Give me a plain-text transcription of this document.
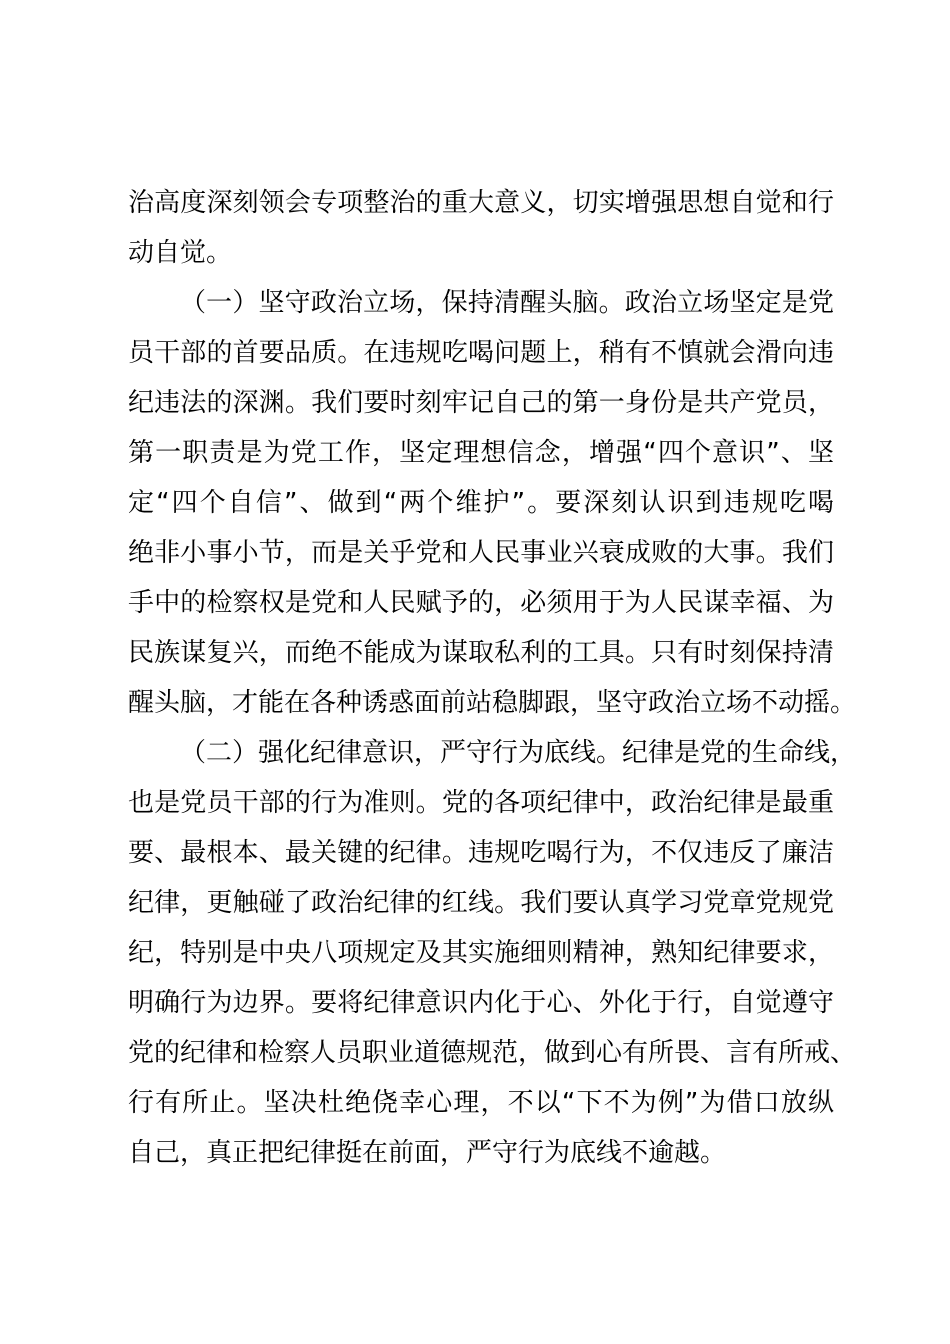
治高度深刻领会专项整治的重大意义，切实增强思想自觉和行
动自觉。
（一）坚守政治立场，保持清醒头脑。政治立场坚定是党
员干部的首要品质。在违规吃喝问题上，稍有不慎就会滑向违
纪违法的深渊。我们要时刻牢记自己的第一身份是共产党员，
第一职责是为党工作，坚定理想信念，增强“四个意识”、坚
定“四个自信”、做到“两个维护”。要深刻认识到违规吃喝
绝非小事小节，而是关乎党和人民事业兴衰成败的大事。我们
手中的检察权是党和人民赋予的，必须用于为人民谋幸福、为
民族谋复兴，而绝不能成为谋取私利的工具。只有时刻保持清
醒头脑，才能在各种诱惑面前站稳脚跟，坚守政治立场不动摇。
（二）强化纪律意识，严守行为底线。纪律是党的生命线，
也是党员干部的行为准则。党的各项纪律中，政治纪律是最重
要、最根本、最关键的纪律。违规吃喝行为，不仅违反了廉洁
纪律，更触碰了政治纪律的红线。我们要认真学习党章党规党
纪，特别是中央八项规定及其实施细则精神，熟知纪律要求，
明确行为边界。要将纪律意识内化于心、外化于行，自觉遵守
党的纪律和检察人员职业道德规范，做到心有所畏、言有所戒、
行有所止。坚决杜绝侥幸心理，不以“下不为例”为借口放纵
自己，真正把纪律挺在前面，严守行为底线不逾越。
